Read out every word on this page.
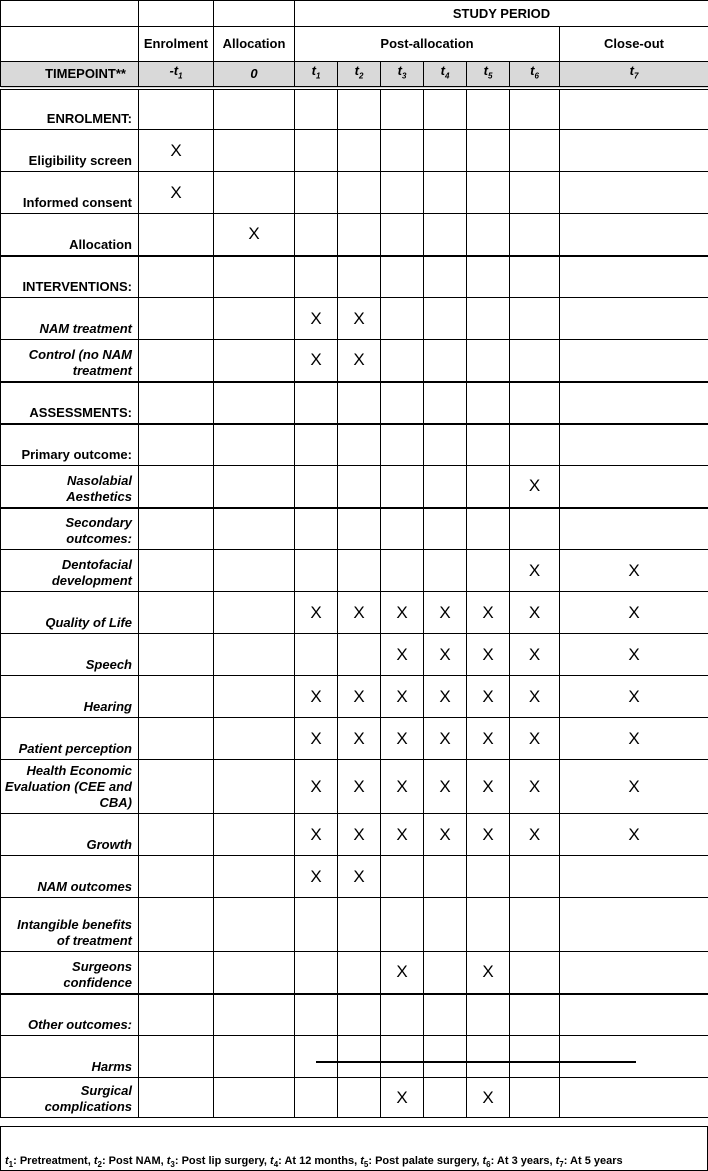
			STUDY PERIOD						
	Enrolment	Allocation	Post-allocation						Close-out
TIMEPOINT**	$-t_1$	0	$t_1$	$t_2$	$t_3$	$t_4$	$t_5$	$t_6$	$t_7$
ENROLMENT:									
Eligibility screen	X								
Informed consent	X								
Allocation		X							
INTERVENTIONS:									
NAM treatment			X	X					
Control (no NAM treatment			X	X					
ASSESSMENTS:									
Primary outcome:									
Nasolabial Aesthetics								X	
Secondary outcomes:									
Dentofacial development								X	X
Quality of Life			X	X	X	X	X	X	X
Speech					X	X	X	X	X
Hearing			X	X	X	X	X	X	X
Patient perception			X	X	X	X	X	X	X
Health Economic Evaluation (CEE and CBA)			X	X	X	X	X	X	X
Growth			X	X	X	X	X	X	X
NAM outcomes			X	X					
Intangible benefits of treatment									
Surgeons confidence					X		X		
Other outcomes:									
Harms									
Surgical complications					X		X		
$t_1$: Pretreatment, $t_2$: Post NAM, $t_3$: Post lip surgery, $t_4$: At 12 months, $t_5$: Post palate surgery, $t_6$: At 3 years, $t_7$: At 5 years
